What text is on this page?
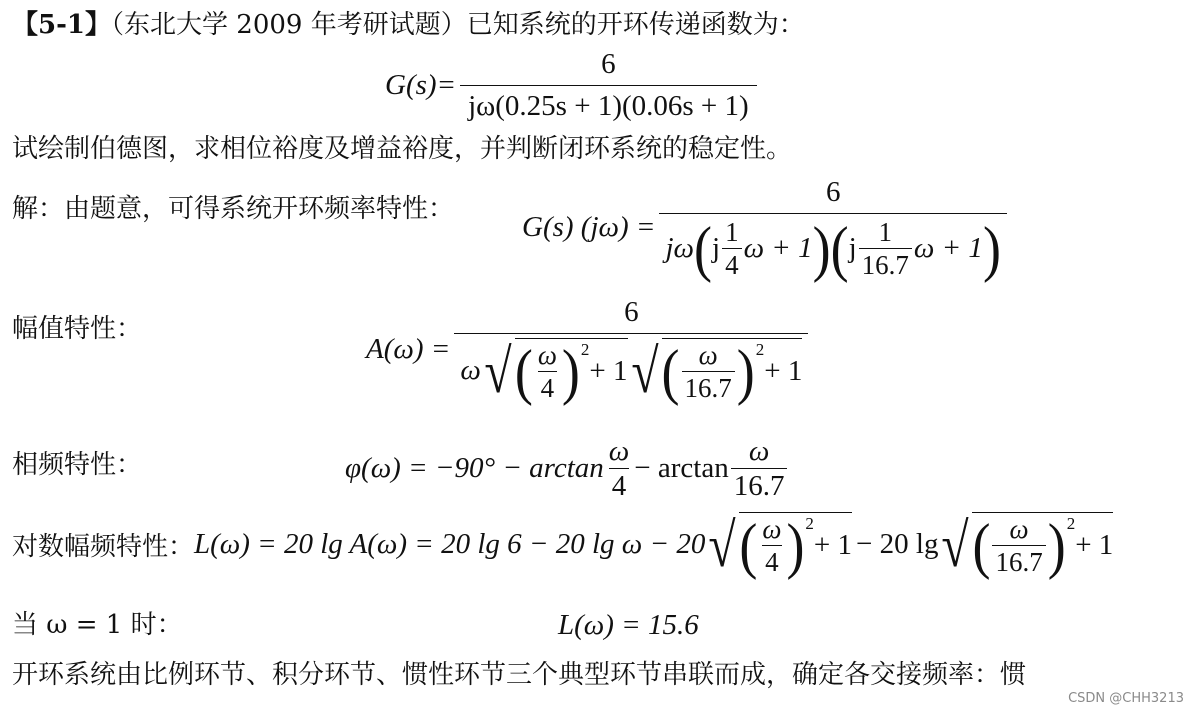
【5-1】（东北大学 2009 年考研试题）已知系统的开环传递函数为：
$G(s)= \frac{6}{j\omega(0.25s + 1)(0.06s + 1)}$
试绘制伯德图，求相位裕度及增益裕度，并判断闭环系统的稳定性。
解：由题意，可得系统开环频率特性：
G(s) (jω) =
6
jω ( j $\frac{1}{4}$ ω + 1 ) ( j $\frac{1}{16.7}$ ω + 1 )
幅值特性：
A(ω) =
6
ω √ ( $\frac{\omega}{4}$ ) 2
+ 1 √ ( $\frac{\omega}{16.7}$ ) 2
+ 1
相频特性：	$\varphi(\omega) = -90^\circ - \arctan \frac{\omega}{4} - \arctan \frac{\omega}{16.7}$
对数幅频特性： L(ω) = 20 lg A(ω) = 20 lg 6 − 20 lg ω − 20 √ ( $\frac{\omega}{4}$ ) 2
+ 1 − 20 lg √ ( $\frac{\omega}{16.7}$ ) 2
+ 1
当 ω = 1 时：	L(ω) = 15.6
开环系统由比例环节、积分环节、惯性环节三个典型环节串联而成，确定各交接频率：惯
CSDN @CHH3213
